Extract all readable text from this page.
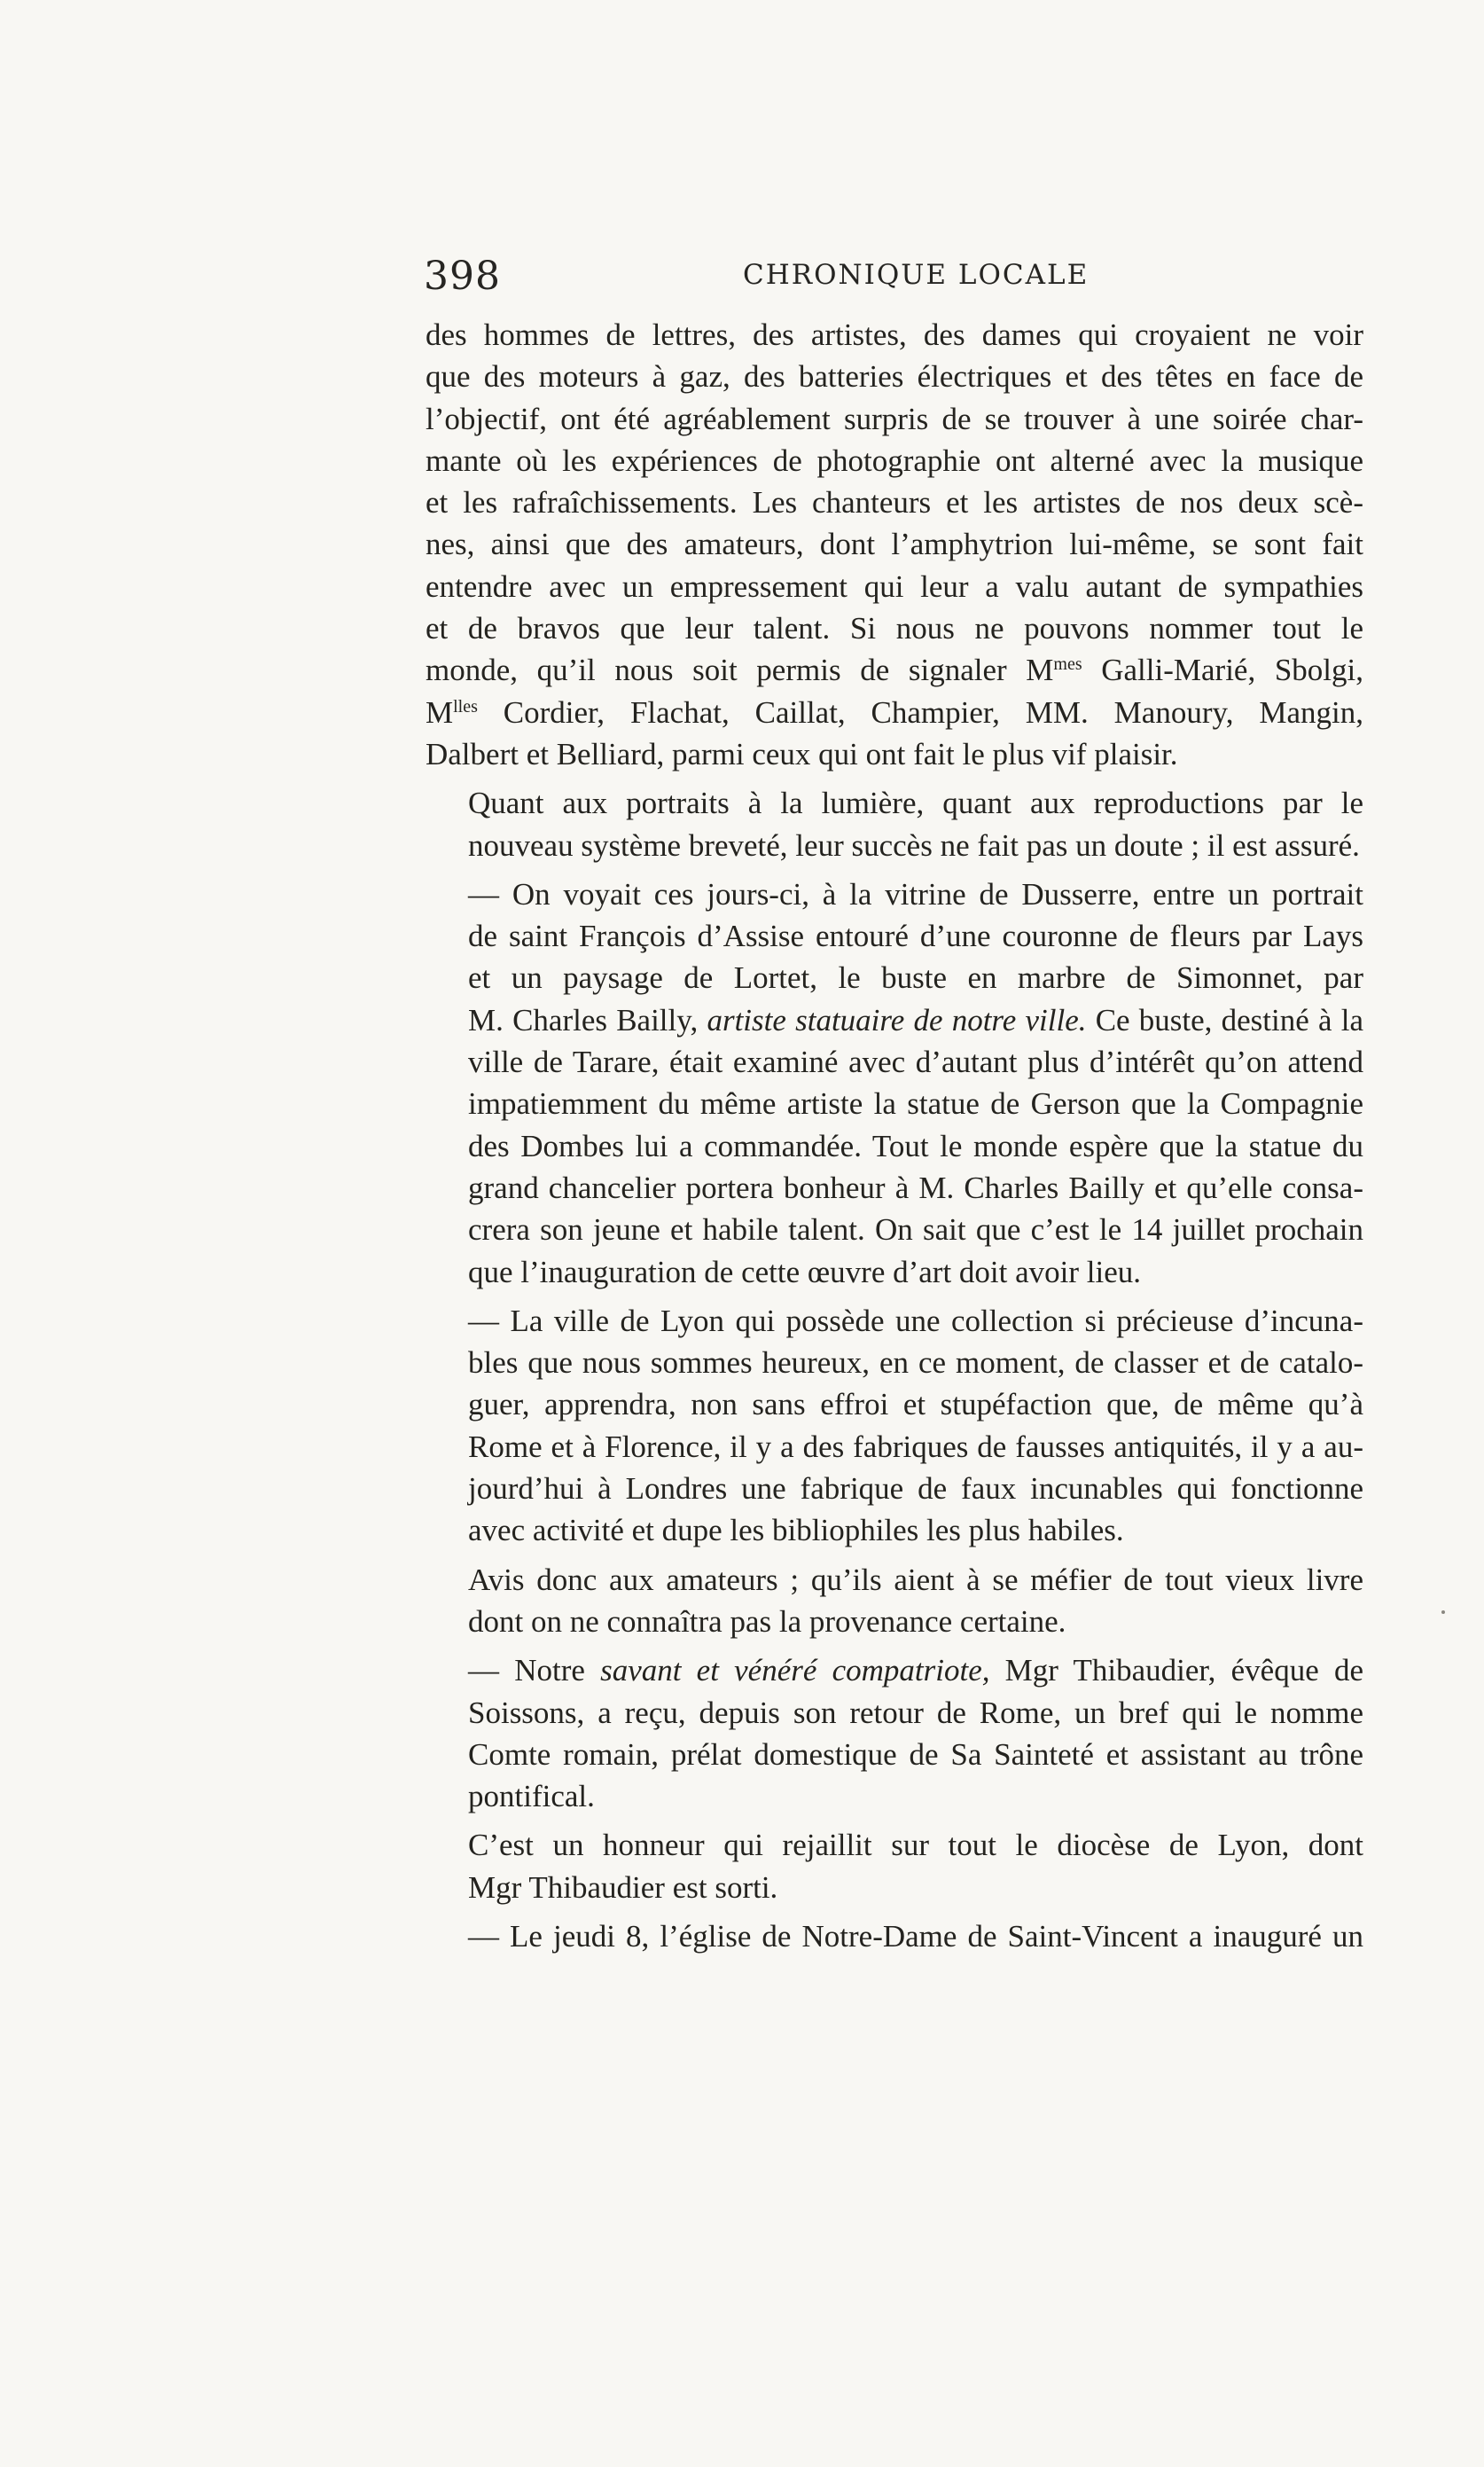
398	CHRONIQUE LOCALE
des hommes de lettres, des artistes, des dames qui croyaient ne voir
que des moteurs à gaz, des batteries électriques et des têtes en face de
l’objectif, ont été agréablement surpris de se trouver à une soirée char-
mante où les expériences de photographie ont alterné avec la musique
et les rafraîchissements. Les chanteurs et les artistes de nos deux scè-
nes, ainsi que des amateurs, dont l’amphytrion lui-même, se sont fait
entendre avec un empressement qui leur a valu autant de sympathies
et de bravos que leur talent. Si nous ne pouvons nommer tout le
monde, qu’il nous soit permis de signaler $M^{mes}$ Galli-Marié, Sbolgi,
$M^{lles}$ Cordier, Flachat, Caillat, Champier, MM. Manoury, Mangin,
Dalbert et Belliard, parmi ceux qui ont fait le plus vif plaisir.
Quant aux portraits à la lumière, quant aux reproductions par le
nouveau système breveté, leur succès ne fait pas un doute ; il est assuré.
— On voyait ces jours-ci, à la vitrine de Dusserre, entre un portrait
de saint François d’Assise entouré d’une couronne de fleurs par Lays
et un paysage de Lortet, le buste en marbre de Simonnet, par
M. Charles Bailly, artiste statuaire de notre ville. Ce buste, destiné à la
ville de Tarare, était examiné avec d’autant plus d’intérêt qu’on attend
impatiemment du même artiste la statue de Gerson que la Compagnie
des Dombes lui a commandée. Tout le monde espère que la statue du
grand chancelier portera bonheur à M. Charles Bailly et qu’elle consa-
crera son jeune et habile talent. On sait que c’est le 14 juillet prochain
que l’inauguration de cette œuvre d’art doit avoir lieu.
— La ville de Lyon qui possède une collection si précieuse d’incuna-
bles que nous sommes heureux, en ce moment, de classer et de catalo-
guer, apprendra, non sans effroi et stupéfaction que, de même qu’à
Rome et à Florence, il y a des fabriques de fausses antiquités, il y a au-
jourd’hui à Londres une fabrique de faux incunables qui fonctionne
avec activité et dupe les bibliophiles les plus habiles.
Avis donc aux amateurs ; qu’ils aient à se méfier de tout vieux livre
dont on ne connaîtra pas la provenance certaine.
— Notre savant et vénéré compatriote, Mgr Thibaudier, évêque de
Soissons, a reçu, depuis son retour de Rome, un bref qui le nomme
Comte romain, prélat domestique de Sa Sainteté et assistant au trône
pontifical.
C’est un honneur qui rejaillit sur tout le diocèse de Lyon, dont
Mgr Thibaudier est sorti.
— Le jeudi 8, l’église de Notre-Dame de Saint-Vincent a inauguré un
